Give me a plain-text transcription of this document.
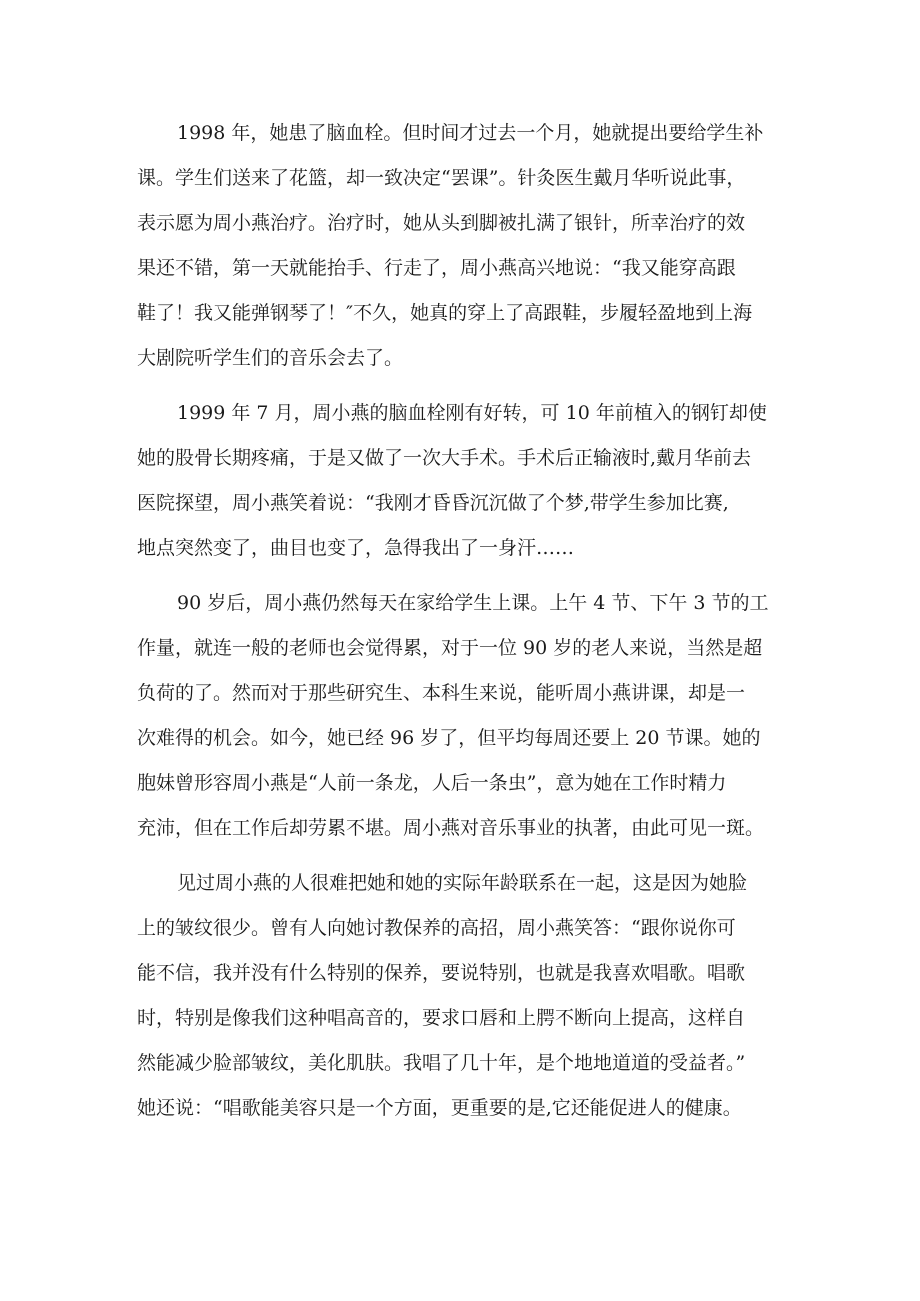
1998 年，她患了脑血栓。但时间才过去一个月，她就提出要给学生补
课。学生们送来了花篮，却一致决定“罢课”。针灸医生戴月华听说此事，
表示愿为周小燕治疗。治疗时，她从头到脚被扎满了银针，所幸治疗的效
果还不错，第一天就能抬手、行走了，周小燕高兴地说：“我又能穿高跟
鞋了！我又能弹钢琴了！″不久，她真的穿上了高跟鞋，步履轻盈地到上海
大剧院听学生们的音乐会去了。
1999 年 7 月，周小燕的脑血栓刚有好转，可 10 年前植入的钢钉却使
她的股骨长期疼痛，于是又做了一次大手术。手术后正输液时,戴月华前去
医院探望，周小燕笑着说：“我刚才昏昏沉沉做了个梦,带学生参加比赛,
地点突然变了，曲目也变了，急得我出了一身汗……
90 岁后，周小燕仍然每天在家给学生上课。上午 4 节、下午 3 节的工
作量，就连一般的老师也会觉得累，对于一位 90 岁的老人来说，当然是超
负荷的了。然而对于那些研究生、本科生来说，能听周小燕讲课，却是一
次难得的机会。如今，她已经 96 岁了，但平均每周还要上 20 节课。她的
胞妹曾形容周小燕是“人前一条龙，人后一条虫”，意为她在工作时精力
充沛，但在工作后却劳累不堪。周小燕对音乐事业的执著，由此可见一斑。
见过周小燕的人很难把她和她的实际年龄联系在一起，这是因为她脸
上的皱纹很少。曾有人向她讨教保养的高招，周小燕笑答：“跟你说你可
能不信，我并没有什么特别的保养，要说特别，也就是我喜欢唱歌。唱歌
时，特别是像我们这种唱高音的，要求口唇和上腭不断向上提高，这样自
然能减少脸部皱纹，美化肌肤。我唱了几十年，是个地地道道的受益者。”
她还说：“唱歌能美容只是一个方面，更重要的是,它还能促进人的健康。
